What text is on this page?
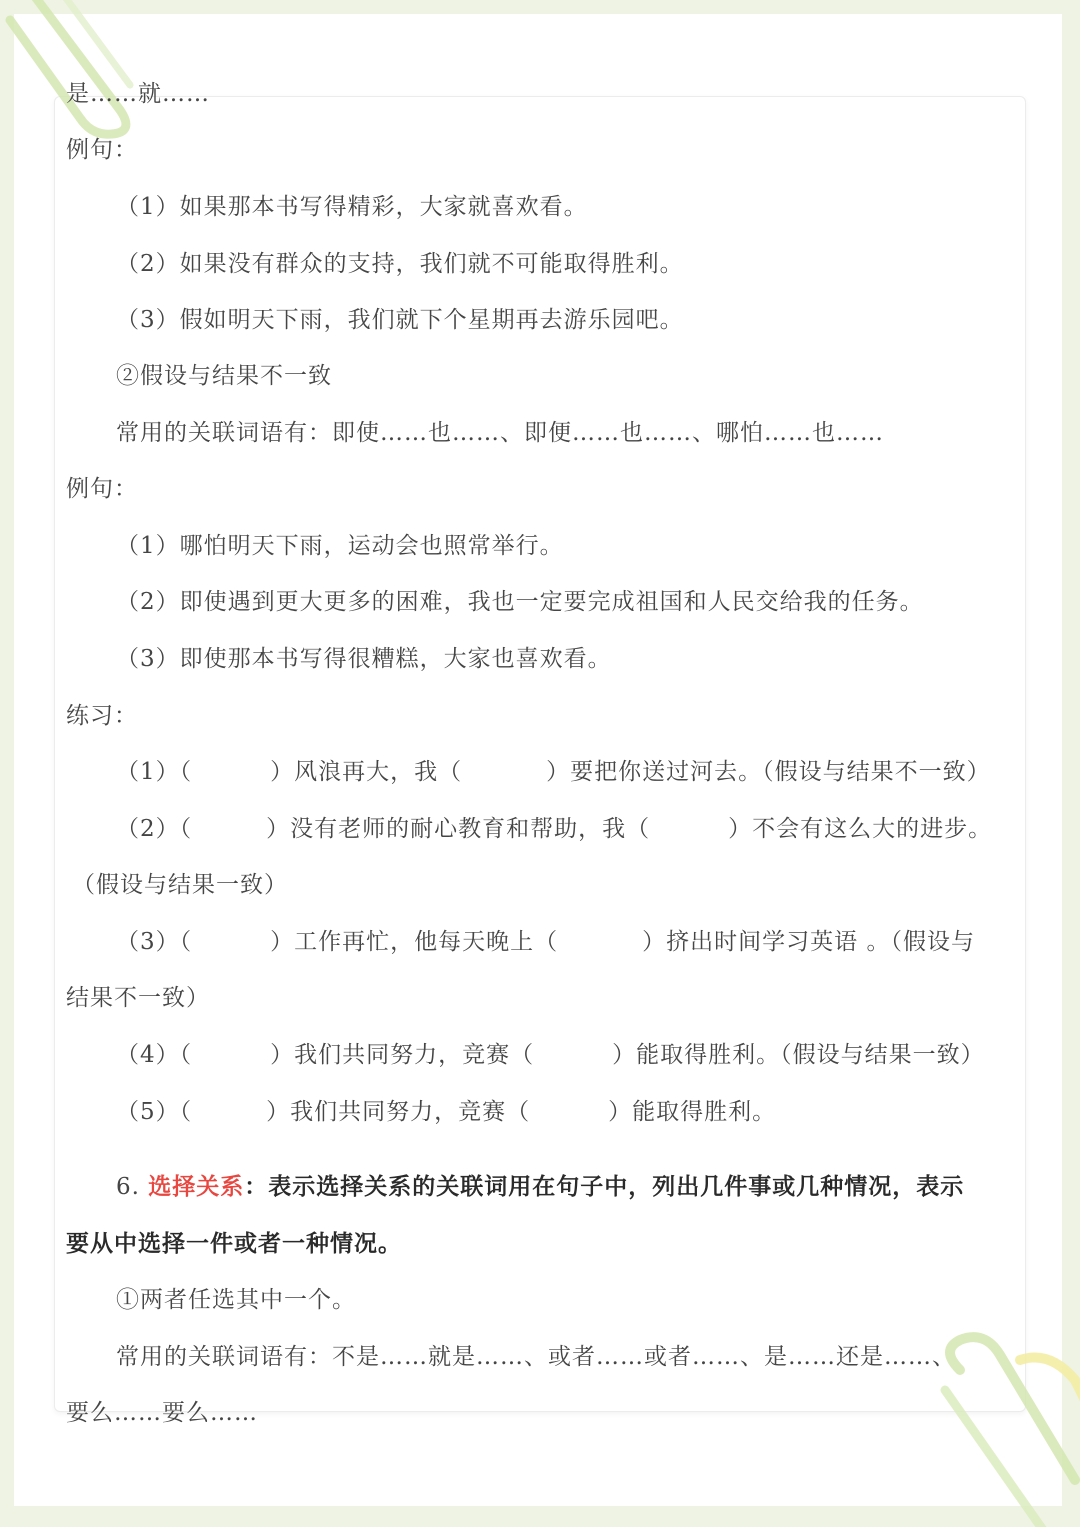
是……就……
例句：
（1）如果那本书写得精彩，大家就喜欢看。
（2）如果没有群众的支持，我们就不可能取得胜利。
（3）假如明天下雨，我们就下个星期再去游乐园吧。
②假设与结果不一致
常用的关联词语有：即使……也……、即便……也……、哪怕……也……
例句：
（1）哪怕明天下雨，运动会也照常举行。
（2）即使遇到更大更多的困难，我也一定要完成祖国和人民交给我的任务。
（3）即使那本书写得很糟糕，大家也喜欢看。
练习：
（1）（	）风浪再大，我（	）要把你送过河去。（假设与结果不一致）
（2）（	）没有老师的耐心教育和帮助，我（	）不会有这么大的进步。
（假设与结果一致）
（3）（	）工作再忙，他每天晚上（	）挤出时间学习英语 。（假设与
结果不一致）
（4）（	）我们共同努力，竞赛（	）能取得胜利。（假设与结果一致）
（5）（	）我们共同努力，竞赛（	）能取得胜利。
6. 选择关系：表示选择关系的关联词用在句子中，列出几件事或几种情况，表示
要从中选择一件或者一种情况。
①两者任选其中一个。
常用的关联词语有：不是……就是……、或者……或者……、是……还是……、
要么……要么……
